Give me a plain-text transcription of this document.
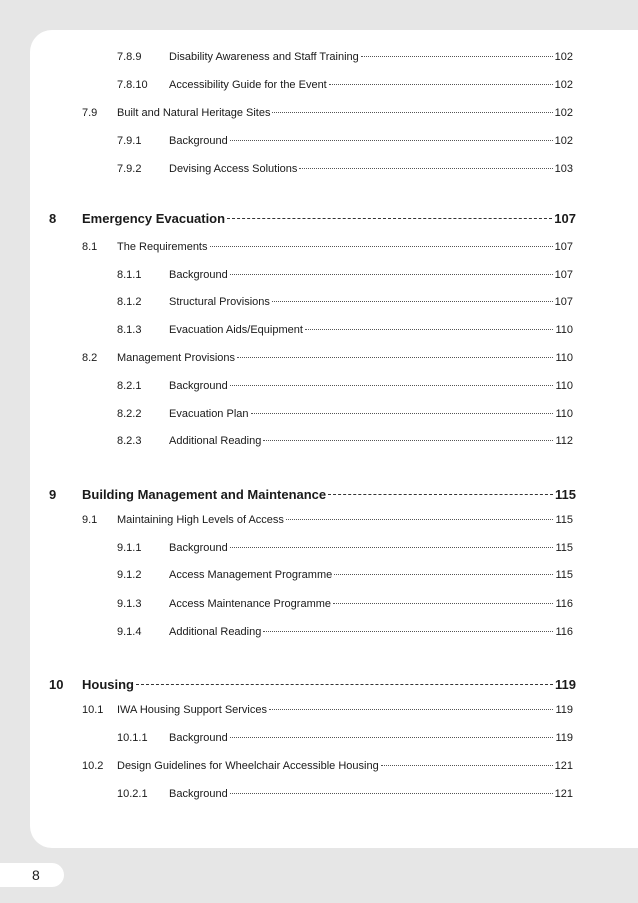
7.8.9	Disability Awareness and Staff Training	102
7.8.10 Accessibility Guide for the Event	102
7.9 Built and Natural Heritage Sites	102
7.9.1	Background	102
7.9.2	Devising Access Solutions	103
8 Emergency Evacuation	107
8.1 The Requirements	107
8.1.1	Background	107
8.1.2	Structural Provisions	107
8.1.3	Evacuation Aids/Equipment	110
8.2 Management Provisions	110
8.2.1	Background	110
8.2.2	Evacuation Plan	110
8.2.3	Additional Reading	112
9 Building Management and Maintenance	115
9.1 Maintaining High Levels of Access	115
9.1.1	Background	115
9.1.2	Access Management Programme	115
9.1.3	Access Maintenance Programme	116
9.1.4	Additional Reading	116
10 Housing	119
10.1 IWA Housing Support Services	119
10.1.1 Background	119
10.2 Design Guidelines for Wheelchair Accessible Housing	121
10.2.1 Background	121
8
